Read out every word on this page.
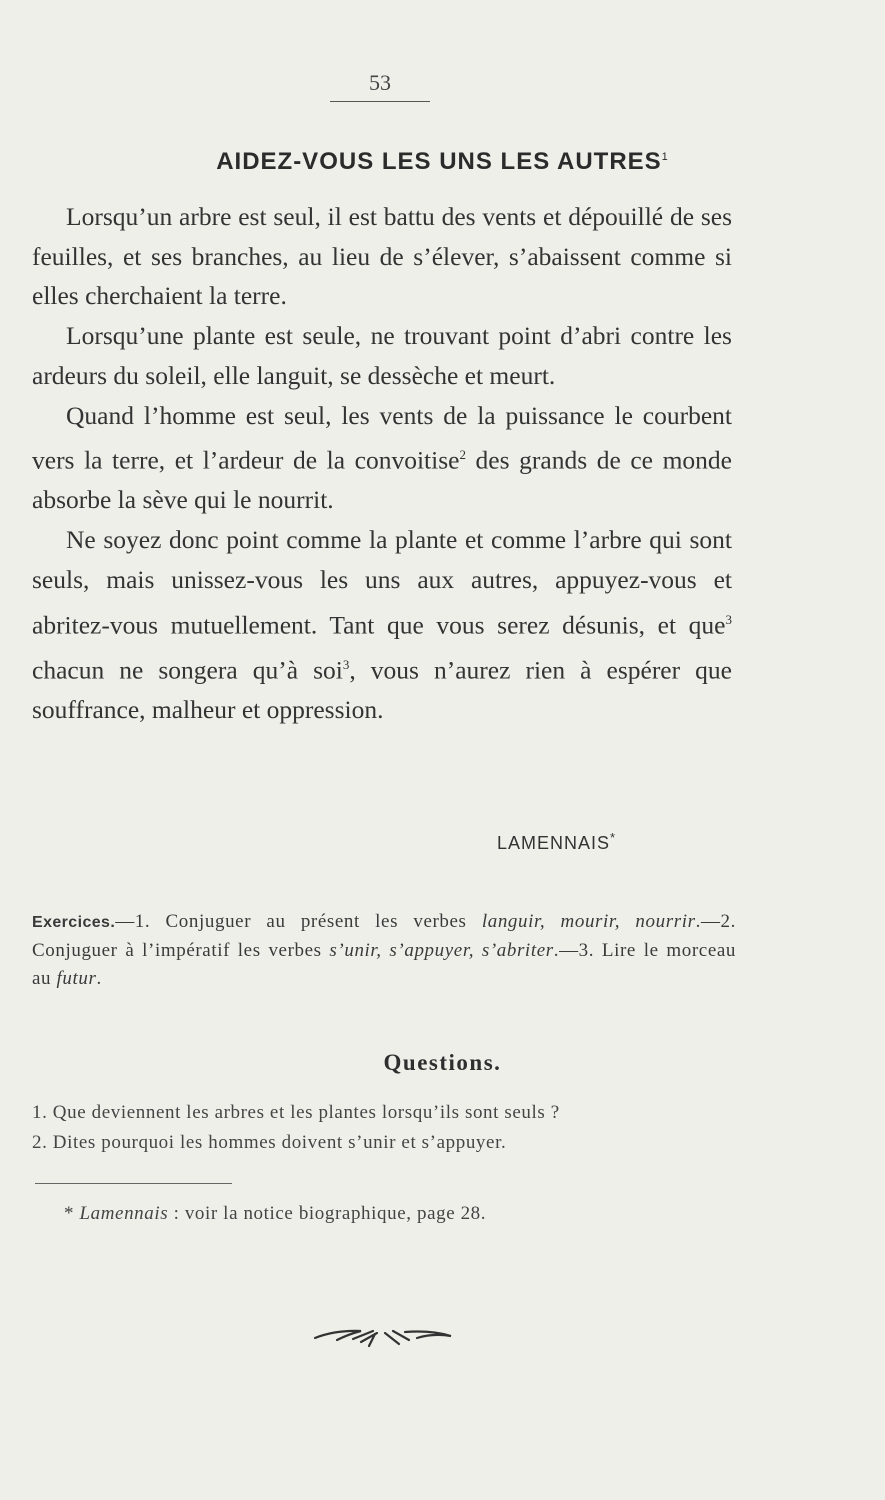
53
AIDEZ-VOUS LES UNS LES AUTRES$^1$

Lorsqu’un arbre est seul, il est battu des vents et dépouillé de ses feuilles, et ses branches, au lieu de s’élever, s’abaissent comme si elles cherchaient la terre.

Lorsqu’une plante est seule, ne trouvant point d’abri contre les ardeurs du soleil, elle languit, se dessèche et meurt.

Quand l’homme est seul, les vents de la puissance le courbent vers la terre, et l’ardeur de la convoitise$^2$ des grands de ce monde absorbe la sève qui le nourrit.

Ne soyez donc point comme la plante et comme l’arbre qui sont seuls, mais unissez-vous les uns aux autres, appuyez-vous et abritez-vous mutuellement. Tant que vous serez désunis, et que$^3$ chacun ne songera qu’à soi$^3$, vous n’aurez rien à espérer que souffrance, malheur et oppression.

LAMENNAIS*
Exercices.—1. Conjuguer au présent les verbes languir, mourir, nourrir.—2. Conjuguer à l’impératif les verbes s’unir, s’appuyer, s’abriter.—3. Lire le morceau au futur.
Questions.
1. Que deviennent les arbres et les plantes lorsqu’ils sont seuls ?
2. Dites pourquoi les hommes doivent s’unir et s’appuyer.
* Lamennais : voir la notice biographique, page 28.
